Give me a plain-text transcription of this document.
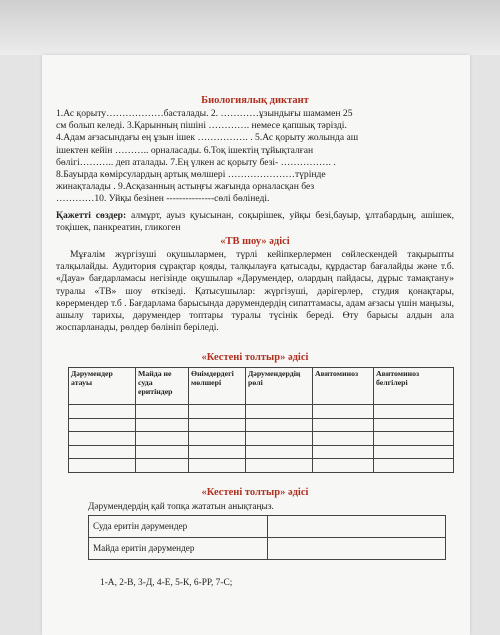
Биологиялық диктант

1.Ас қорыту………………басталады. 2. …………ұзындығы шамамен 25

см болып келеді. 3.Қарынның пішіні …………. немесе қапшық тәрізді.

4.Адам ағзасындағы ең ұзын ішек ……………. . 5.Ас қорыту жолында аш

ішектен кейін ……….. орналасады. 6.Тоқ ішектің тұйықталған

бөлігі……….. деп аталады. 7.Ең үлкен ас қорыту безі- ……………. .

8.Бауырда көмірсулардың артық мөлшері …………………түрінде

жинақталады . 9.Асқазанның астыңғы жағында орналасқан без

…………10. Уйқы безінен ---------------сөлі бөлінеді.

Қажетті сөздер: алмұрт, ауыз қуысынан, соқырішек, уйқы безі,бауыр, ұлтабардың, ашішек, тоқішек, панкреатин, гликоген

«ТВ шоу» әдісі

Мұғалім жүргізуші оқушылармен, түрлі кейіпкерлермен сөйлескендей тақырыпты талқылайды. Аудитория сұрақтар қояды, талқылауға қатысады, құрдастар бағалайды және т.б. «Дауа» бағдарламасы негізінде оқушылар «Дәрумендер, олардың пайдасы, дұрыс тамақтану» туралы «ТВ» шоу өткізеді. Қатысушылар: жүргізуші, дәрігерлер, студия қонақтары, көрермендер т.б . Бағдарлама барысында дәрумендердің сипаттамасы, адам ағзасы үшін маңызы, ашылу тарихы, дәрумендер топтары туралы түсінік береді. Өту барысы алдын ала жоспарланады, рөлдер бөлініп беріледі.

«Кестені толтыр» әдісі
Дәрумендер атауы	Майда не суда еритіндер	Өнімдердегі мөлшері	Дәрумендердің рөлі	Авитоминоз	Авитоминоз белгілері

«Кестені толтыр» әдісі
Дәрумендердің қай топқа жататын анықтаңыз.
Суда еритін дәрумендер	
Майда еритін дәрумендер	
1-А, 2-В, 3-Д, 4-Е, 5-К, 6-РР, 7-С;
